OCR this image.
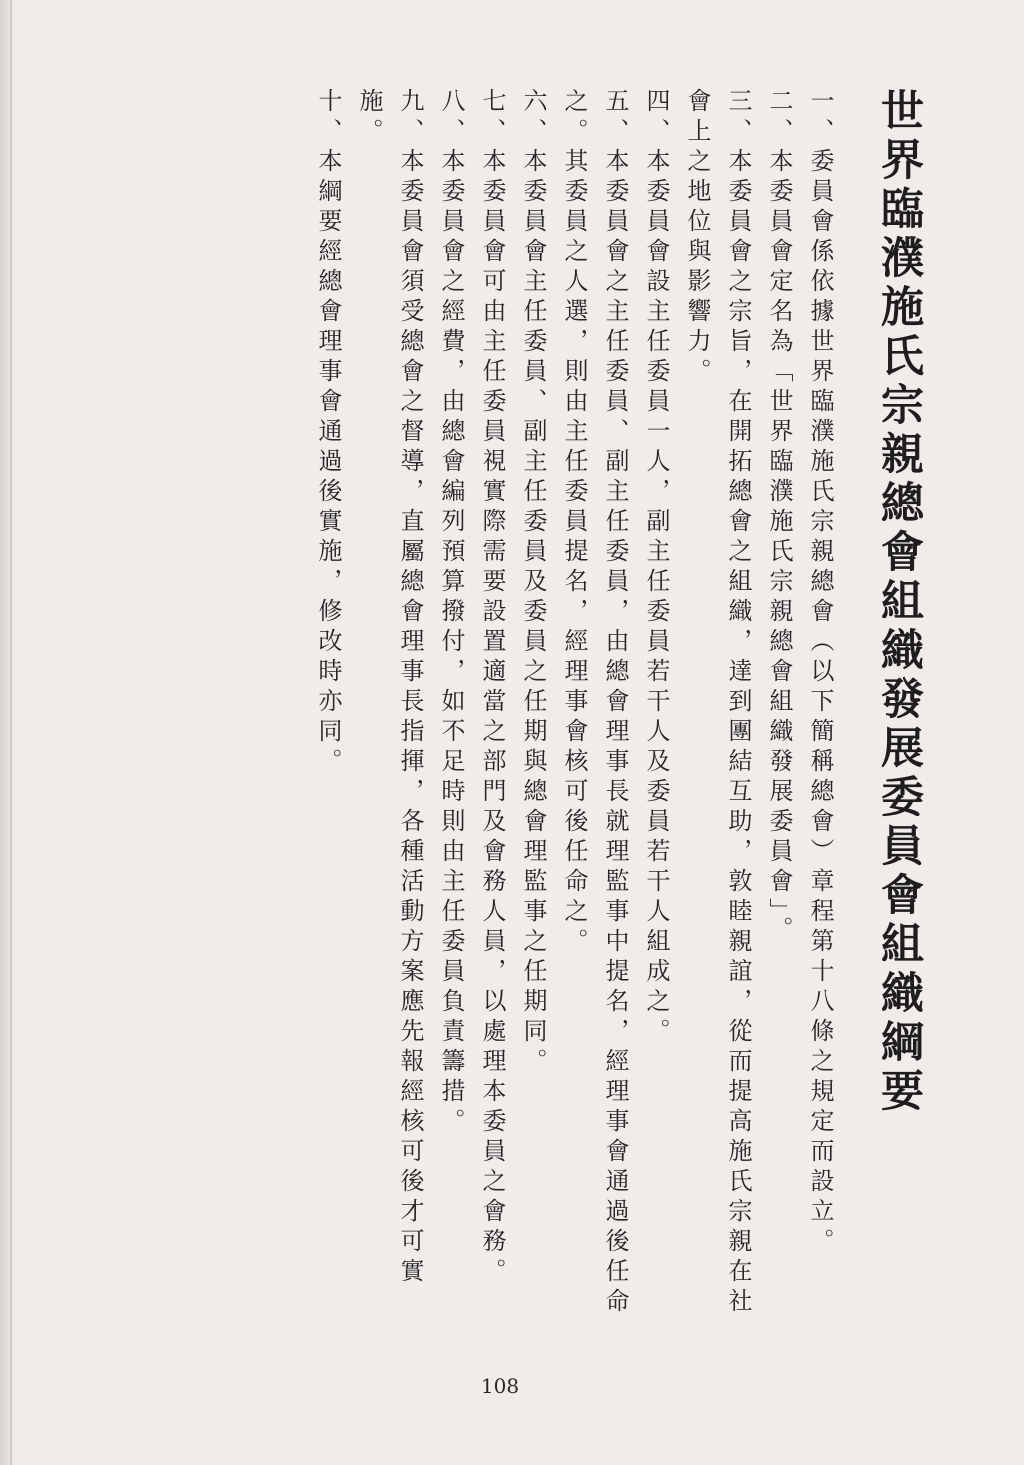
世界臨濮施氏宗親總會組織發展委員會組織綱要
一、委員會係依據世界臨濮施氏宗親總會（以下簡稱總會）章程第十八條之規定而設立。
二、本委員會定名為「世界臨濮施氏宗親總會組織發展委員會」。
三、本委員會之宗旨，在開拓總會之組織，達到團結互助，敦睦親誼，從而提高施氏宗親在社會上之地位與影響力。
四、本委員會設主任委員一人，副主任委員若干人及委員若干人組成之。
五、本委員會之主任委員、副主任委員，由總會理事長就理監事中提名，經理事會通過後任命之。其委員之人選，則由主任委員提名，經理事會核可後任命之。
六、本委員會主任委員、副主任委員及委員之任期與總會理監事之任期同。
七、本委員會可由主任委員視實際需要設置適當之部門及會務人員，以處理本委員之會務。
八、本委員會之經費，由總會編列預算撥付，如不足時則由主任委員負責籌措。
九、本委員會須受總會之督導，直屬總會理事長指揮，各種活動方案應先報經核可後才可實施。
十、本綱要經總會理事會通過後實施，修改時亦同。
108
